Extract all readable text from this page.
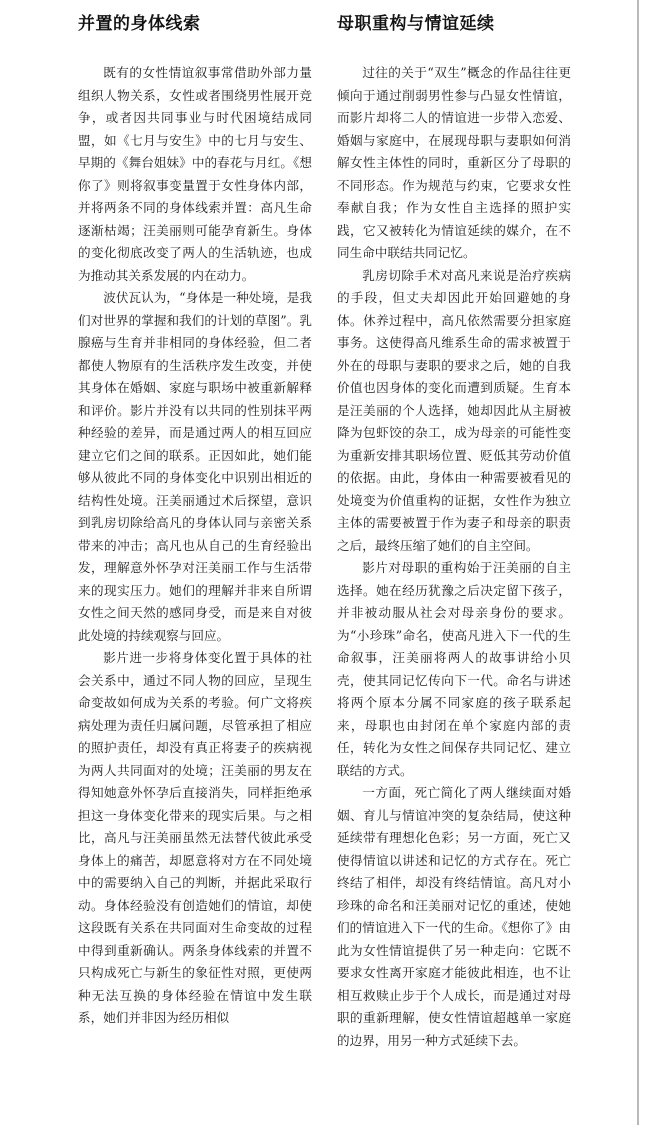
并置的身体线索

既有的女性情谊叙事常借助外部力量组织人物关系，女性或者围绕男性展开竞争，或者因共同事业与时代困境结成同盟，如《七月与安生》中的七月与安生、早期的《舞台姐妹》中的春花与月红。《想你了》则将叙事变量置于女性身体内部，并将两条不同的身体线索并置：高凡生命逐渐枯竭；汪美丽则可能孕育新生。身体的变化彻底改变了两人的生活轨迹，也成为推动其关系发展的内在动力。

波伏瓦认为，“身体是一种处境，是我们对世界的掌握和我们的计划的草图”。乳腺癌与生育并非相同的身体经验，但二者都使人物原有的生活秩序发生改变，并使其身体在婚姻、家庭与职场中被重新解释和评价。影片并没有以共同的性别抹平两种经验的差异，而是通过两人的相互回应建立它们之间的联系。正因如此，她们能够从彼此不同的身体变化中识别出相近的结构性处境。汪美丽通过术后探望，意识到乳房切除给高凡的身体认同与亲密关系带来的冲击；高凡也从自己的生育经验出发，理解意外怀孕对汪美丽工作与生活带来的现实压力。她们的理解并非来自所谓女性之间天然的感同身受，而是来自对彼此处境的持续观察与回应。

影片进一步将身体变化置于具体的社会关系中，通过不同人物的回应，呈现生命变故如何成为关系的考验。何广文将疾病处理为责任归属问题，尽管承担了相应的照护责任，却没有真正将妻子的疾病视为两人共同面对的处境；汪美丽的男友在得知她意外怀孕后直接消失，同样拒绝承担这一身体变化带来的现实后果。与之相比，高凡与汪美丽虽然无法替代彼此承受身体上的痛苦，却愿意将对方在不同处境中的需要纳入自己的判断，并据此采取行动。身体经验没有创造她们的情谊，却使这段既有关系在共同面对生命变故的过程中得到重新确认。两条身体线索的并置不只构成死亡与新生的象征性对照，更使两种无法互换的身体经验在情谊中发生联系，她们并非因为经历相似

母职重构与情谊延续

过往的关于“双生”概念的作品往往更倾向于通过削弱男性参与凸显女性情谊，而影片却将二人的情谊进一步带入恋爱、婚姻与家庭中，在展现母职与妻职如何消解女性主体性的同时，重新区分了母职的不同形态。作为规范与约束，它要求女性奉献自我；作为女性自主选择的照护实践，它又被转化为情谊延续的媒介，在不同生命中联结共同记忆。

乳房切除手术对高凡来说是治疗疾病的手段，但丈夫却因此开始回避她的身体。休养过程中，高凡依然需要分担家庭事务。这使得高凡维系生命的需求被置于外在的母职与妻职的要求之后，她的自我价值也因身体的变化而遭到质疑。生育本是汪美丽的个人选择，她却因此从主厨被降为包虾饺的杂工，成为母亲的可能性变为重新安排其职场位置、贬低其劳动价值的依据。由此，身体由一种需要被看见的处境变为价值重构的证据，女性作为独立主体的需要被置于作为妻子和母亲的职责之后，最终压缩了她们的自主空间。

影片对母职的重构始于汪美丽的自主选择。她在经历犹豫之后决定留下孩子，并非被动服从社会对母亲身份的要求。为“小珍珠”命名，使高凡进入下一代的生命叙事，汪美丽将两人的故事讲给小贝壳，使其同记忆传向下一代。命名与讲述将两个原本分属不同家庭的孩子联系起来，母职也由封闭在单个家庭内部的责任，转化为女性之间保存共同记忆、建立联结的方式。

一方面，死亡简化了两人继续面对婚姻、育儿与情谊冲突的复杂结局，使这种延续带有理想化色彩；另一方面，死亡又使得情谊以讲述和记忆的方式存在。死亡终结了相伴，却没有终结情谊。高凡对小珍珠的命名和汪美丽对记忆的重述，使她们的情谊进入下一代的生命。《想你了》由此为女性情谊提供了另一种走向：它既不要求女性离开家庭才能彼此相连，也不让相互救赎止步于个人成长，而是通过对母职的重新理解，使女性情谊超越单一家庭的边界，用另一种方式延续下去。
